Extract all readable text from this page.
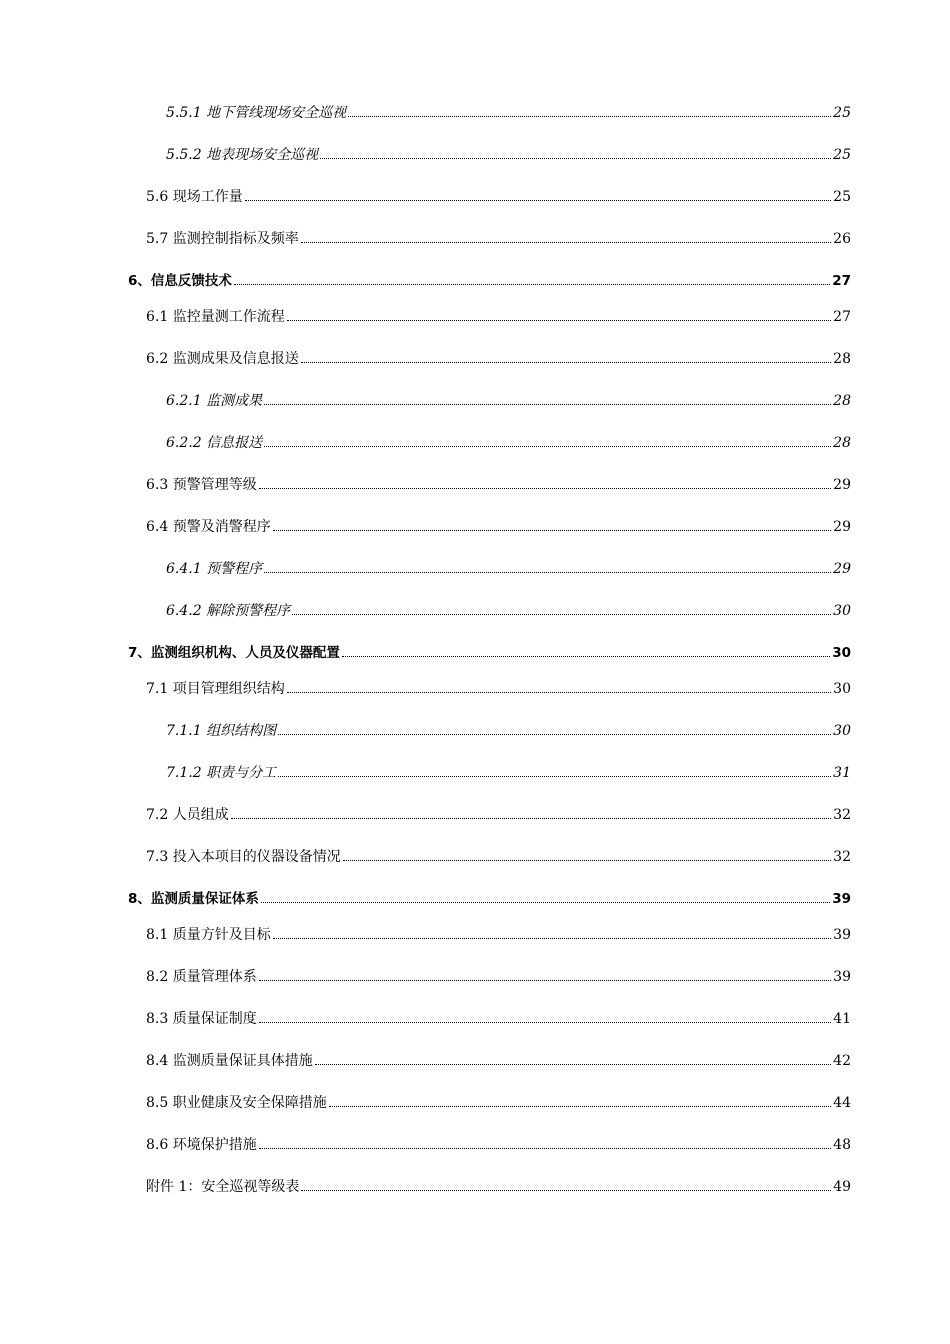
5.5.1 地下管线现场安全巡视	25
5.5.2 地表现场安全巡视	25
5.6 现场工作量	25
5.7 监测控制指标及频率	26
6、信息反馈技术	27
6.1 监控量测工作流程	27
6.2 监测成果及信息报送	28
6.2.1 监测成果	28
6.2.2 信息报送	28
6.3 预警管理等级	29
6.4 预警及消警程序	29
6.4.1 预警程序	29
6.4.2 解除预警程序	30
7、监测组织机构、人员及仪器配置	30
7.1 项目管理组织结构	30
7.1.1 组织结构图	30
7.1.2 职责与分工	31
7.2 人员组成	32
7.3 投入本项目的仪器设备情况	32
8、监测质量保证体系	39
8.1 质量方针及目标	39
8.2 质量管理体系	39
8.3 质量保证制度	41
8.4 监测质量保证具体措施	42
8.5 职业健康及安全保障措施	44
8.6 环境保护措施	48
附件 1：安全巡视等级表	49
